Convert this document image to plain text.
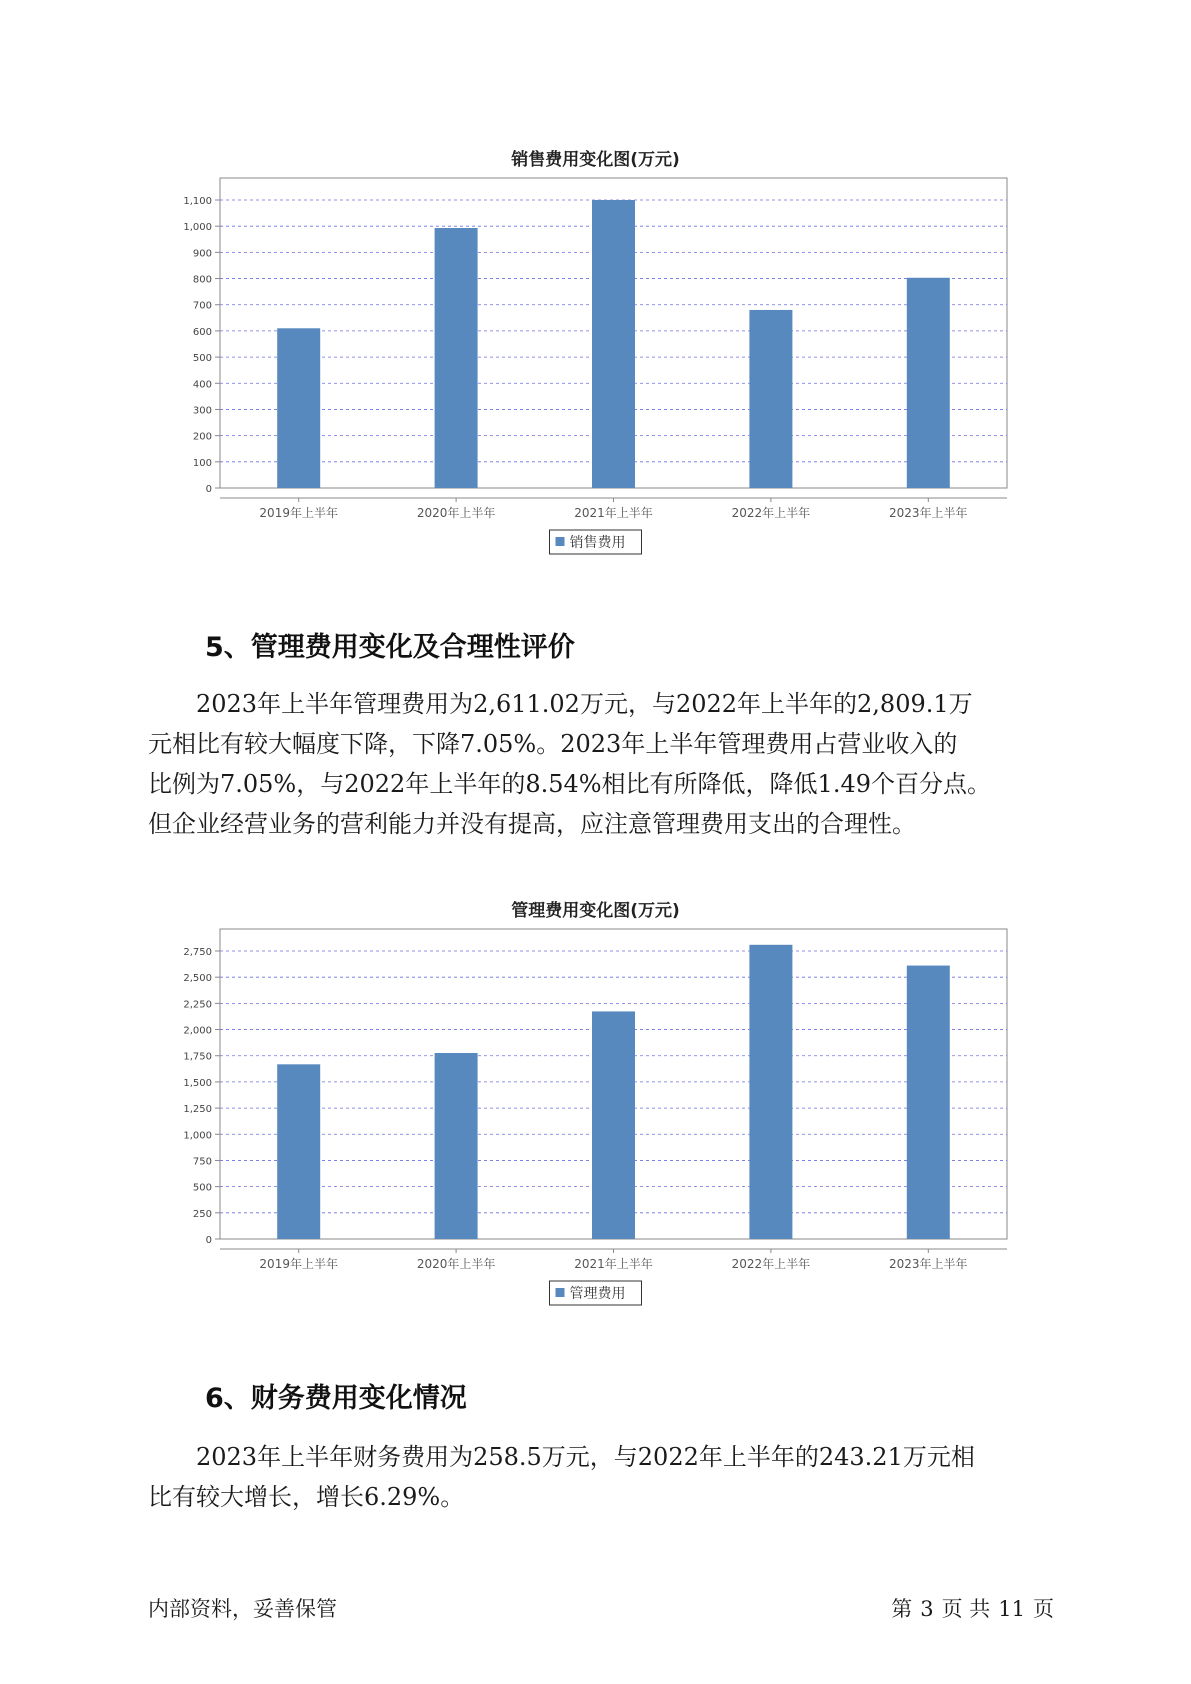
销售费用变化图(万元)
0
100
200
300
400
500
600
700
800
900
1,000
1,100
2019年上半年	2020年上半年	2021年上半年	2022年上半年	2023年上半年
销售费用
5、管理费用变化及合理性评价

2023年上半年管理费用为2,611.02万元，与2022年上半年的2,809.1万
元相比有较大幅度下降，下降7.05%。2023年上半年管理费用占营业收入的
比例为7.05%，与2022年上半年的8.54%相比有所降低，降低1.49个百分点。
但企业经营业务的营利能力并没有提高，应注意管理费用支出的合理性。

管理费用变化图(万元)
0
250
500
750
1,000
1,250
1,500
1,750
2,000
2,250
2,500
2,750
2019年上半年	2020年上半年	2021年上半年	2022年上半年	2023年上半年
管理费用
6、财务费用变化情况

2023年上半年财务费用为258.5万元，与2022年上半年的243.21万元相
比有较大增长，增长6.29%。

内部资料，妥善保管	第 3 页 共 11 页
